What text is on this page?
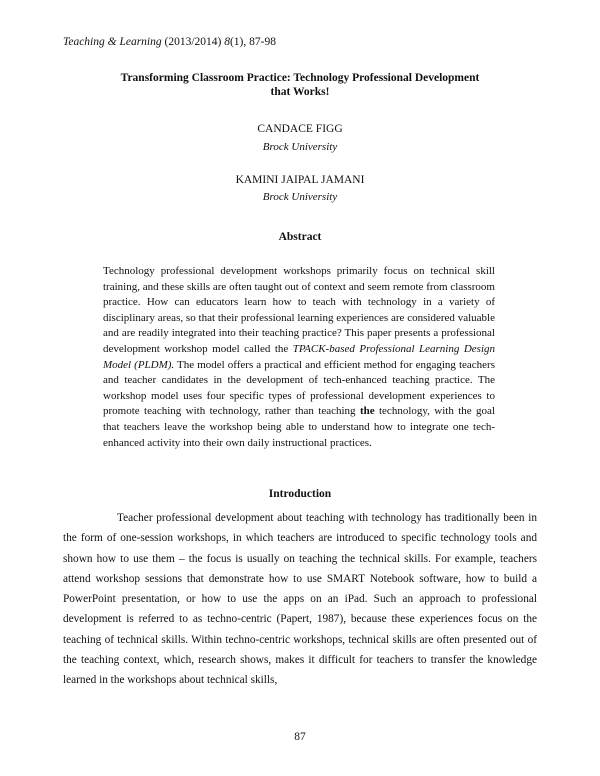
Teaching & Learning (2013/2014) 8(1), 87-98
Transforming Classroom Practice: Technology Professional Development that Works!
CANDACE FIGG
Brock University
KAMINI JAIPAL JAMANI
Brock University
Abstract
Technology professional development workshops primarily focus on technical skill training, and these skills are often taught out of context and seem remote from classroom practice. How can educators learn how to teach with technology in a variety of disciplinary areas, so that their professional learning experiences are considered valuable and are readily integrated into their teaching practice? This paper presents a professional development workshop model called the TPACK-based Professional Learning Design Model (PLDM). The model offers a practical and efficient method for engaging teachers and teacher candidates in the development of tech-enhanced teaching practice. The workshop model uses four specific types of professional development experiences to promote teaching with technology, rather than teaching the technology, with the goal that teachers leave the workshop being able to understand how to integrate one tech-enhanced activity into their own daily instructional practices.
Introduction
Teacher professional development about teaching with technology has traditionally been in the form of one-session workshops, in which teachers are introduced to specific technology tools and shown how to use them – the focus is usually on teaching the technical skills. For example, teachers attend workshop sessions that demonstrate how to use SMART Notebook software, how to build a PowerPoint presentation, or how to use the apps on an iPad. Such an approach to professional development is referred to as techno-centric (Papert, 1987), because these experiences focus on the teaching of technical skills. Within techno-centric workshops, technical skills are often presented out of the teaching context, which, research shows, makes it difficult for teachers to transfer the knowledge learned in the workshops about technical skills,
87
